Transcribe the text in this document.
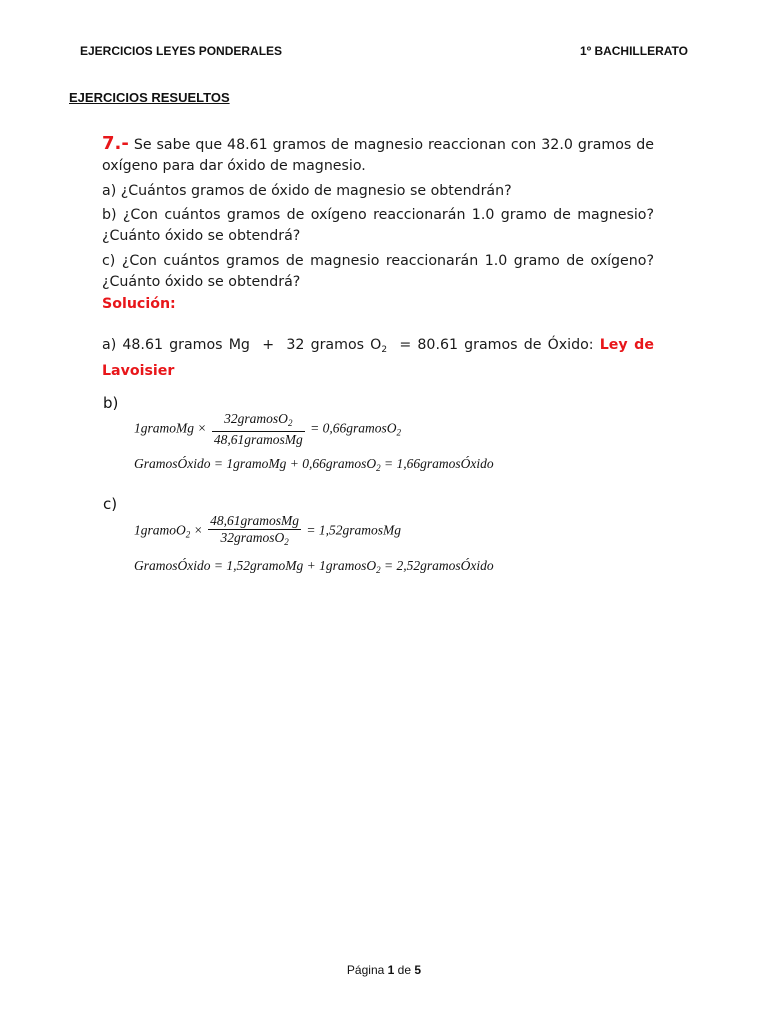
EJERCICIOS LEYES PONDERALES	1º BACHILLERATO
EJERCICIOS RESUELTOS
7.- Se sabe que 48.61 gramos de magnesio reaccionan con 32.0 gramos de oxígeno para dar óxido de magnesio.
a) ¿Cuántos gramos de óxido de magnesio se obtendrán?
b) ¿Con cuántos gramos de oxígeno reaccionarán 1.0 gramo de magnesio? ¿Cuánto óxido se obtendrá?
c) ¿Con cuántos gramos de magnesio reaccionarán 1.0 gramo de oxígeno? ¿Cuánto óxido se obtendrá?
Solución:
a) 48.61 gramos Mg + 32 gramos $O_2 = 80.61$ gramos de Óxido: Ley de Lavoisier
b)
1gramoMg × $\frac{32gramosO_2}{\text{48,61gramosMg}}$ = 0,66gramosO$_2$
GramosÓxido = 1gramoMg + 0,66gramosO$_2$ = 1,66gramosÓxido
c)
1gramoO$_2$ × $\frac{\text{48,61gramosMg}}{32gramosO_2}$ = 1,52gramosMg
GramosÓxido = 1,52gramoMg + 1gramosO$_2$ = 2,52gramosÓxido
Página 1 de 5
